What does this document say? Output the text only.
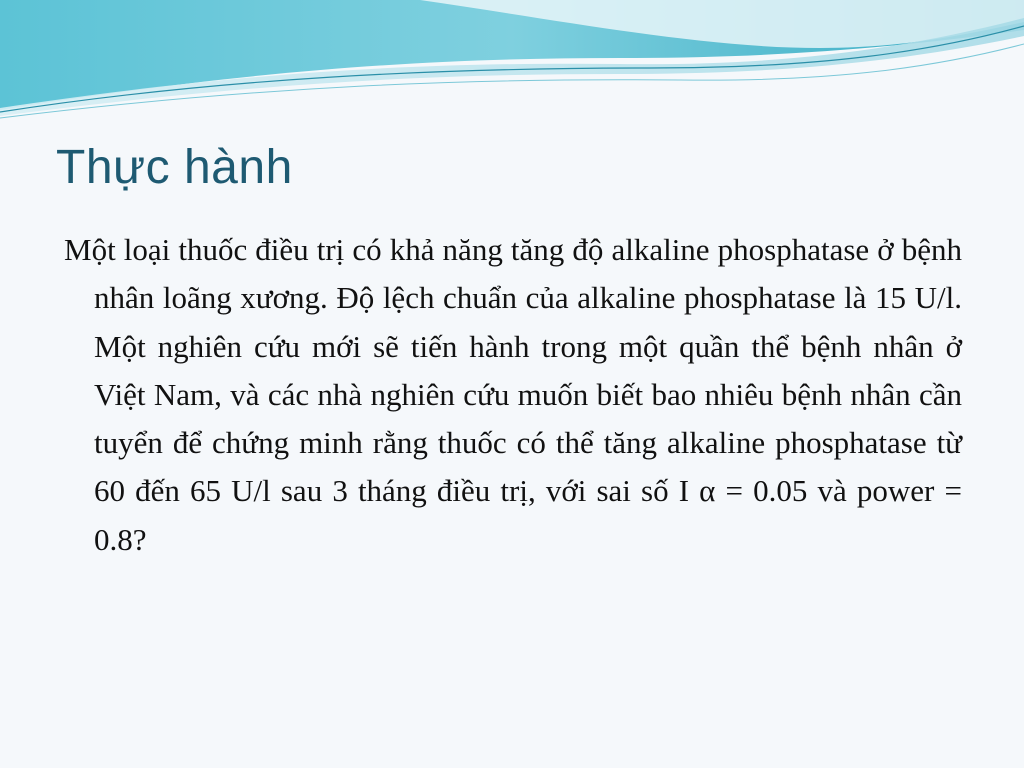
Thực hành

Một loại thuốc điều trị có khả năng tăng độ alkaline phosphatase ở bệnh nhân loãng xương. Độ lệch chuẩn của alkaline phosphatase là 15 U/l. Một nghiên cứu mới sẽ tiến hành trong một quần thể bệnh nhân ở Việt Nam, và các nhà nghiên cứu muốn biết bao nhiêu bệnh nhân cần tuyển để chứng minh rằng thuốc có thể tăng alkaline phosphatase từ 60 đến 65 U/l sau 3 tháng điều trị, với sai số I α = 0.05 và power = 0.8?
